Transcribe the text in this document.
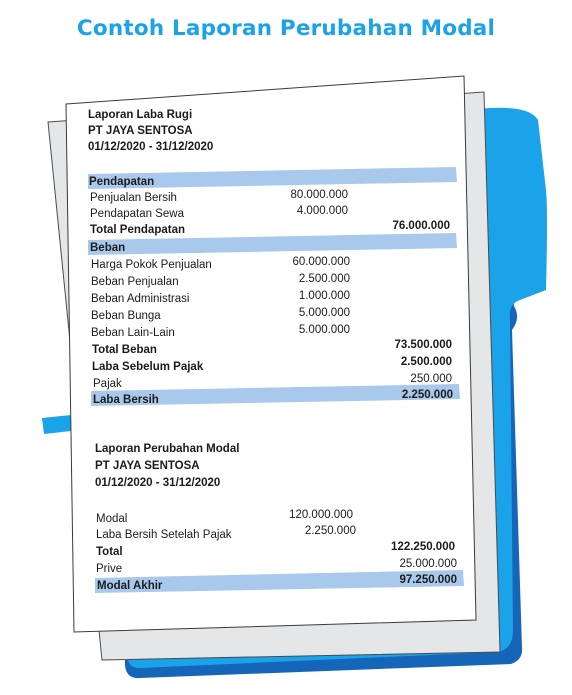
Contoh Laporan Perubahan Modal
Laporan Laba Rugi
PT JAYA SENTOSA
01/12/2020 - 31/12/2020
Pendapatan
Penjualan Bersih	80.000.000
Pendapatan Sewa	4.000.000
Total Pendapatan	76.000.000
Beban
Harga Pokok Penjualan	60.000.000
Beban Penjualan	2.500.000
Beban Administrasi	1.000.000
Beban Bunga	5.000.000
Beban Lain-Lain	5.000.000
Total Beban	73.500.000
Laba Sebelum Pajak	2.500.000
Pajak	250.000
Laba Bersih	2.250.000
Laporan Perubahan Modal
PT JAYA SENTOSA
01/12/2020 - 31/12/2020
Modal	120.000.000
Laba Bersih Setelah Pajak	2.250.000
Total	122.250.000
Prive	25.000.000
Modal Akhir	97.250.000
